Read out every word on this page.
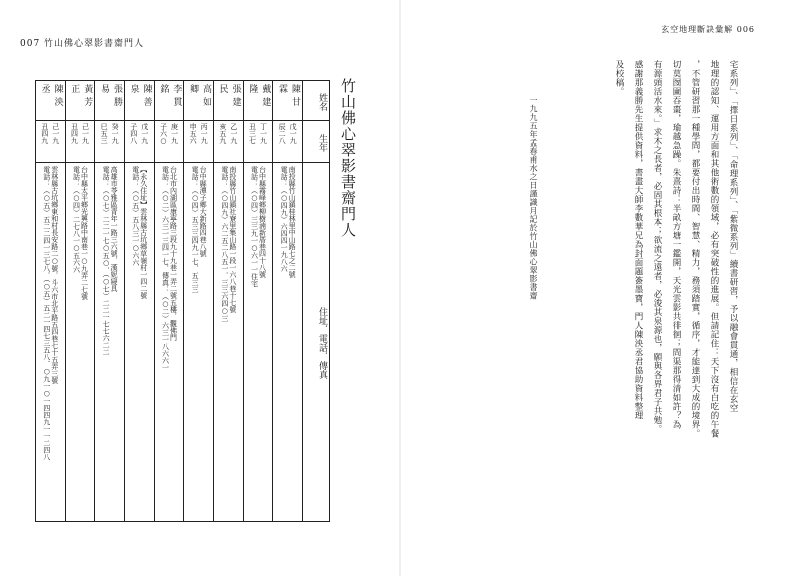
007 竹山佛心翠影書齋門人
竹山佛心翠影書齋門人
姓名
生年
住址．電話．傳真
陳甘霖
戊一九
辰二八
南投縣竹山鎮桂林里中山路七之二號
電話：（○四九）六四四一九八六
戴建隆
丁一九
丑三七
台中縣霧峰鄉柳樹湳新厝巷四十八號
電話：（○四）三三九一○六一一住宅
張建民
乙一九
亥五九
南投縣竹山鎮社寮里集山路一段一六八巷十七號
電話：（○四九）六二五二八五一．三三六四○三
高如卿
丙一九
申五六
台中縣潭子鄉大新路四巷八號
電話：（○四）五三三四九一七．五三三
李貫銘
庚一九
子六○
台北市內湖區康寧路三段九十九巷一弄二號五樓．觀佛門
電話：（○二）六三一三四一七．傳真：（○二）六三一八六六一
陳善泉
戊一九
子四八
【永久住址】雲林縣古坑鄉草嶺村一四二號
電話：（○五）五八三一○六六
張勝易
癸一九
巳五三
高雄市苓雅區青年一路三六號．漢妮寢具
電話：（○七）二二一七○五○．（○七）二二一七七六二二
黃芳正
己一九
丑四九
台中縣太平鄉光興路中南巷一○九弄二七號
電話：（○四）二七八一○五六六
陳泱丞
己一九
丑四九
雲林縣古坑鄉東和村長安路二○號．斗六市北平路五四巷七十五弄三號
電話：（○五）五二二四一三七八．（○五）五二一四七三五八．○九一○一四四九一一二四八
玄空地理斷訣彙解 006
宅系列」、「擇日系列」、「命理系列」、「紫微系列」續書研習，予以融會貫通，相信在玄空
地理的認知、運用方面和其他術數的領域，必有突破性的進展。但請記住：天下沒有白吃的午餐
，不管研習那一種學問，都要付出時間、智慧、精力，務須踏實，循序，才能達到大成的境界。
切莫囫圇吞棗，瑜越急躁。朱熹詩：半畝方塘一鑑開，天光雲影共徘徊；問渠那得清如許？為
有源頭活水來。」求木之長者，必固其根本；欲流之遠者，必浚其泉源也，願與各界君子共勉。
感謝那義勝先生提供資料，書畫大師李數華兄為封面題簽墨寶，門人陳泱丞君協助資料整理
及校稿。
一九九五年孟春甫水之日謹識月記於竹山佛心翠影書齋
